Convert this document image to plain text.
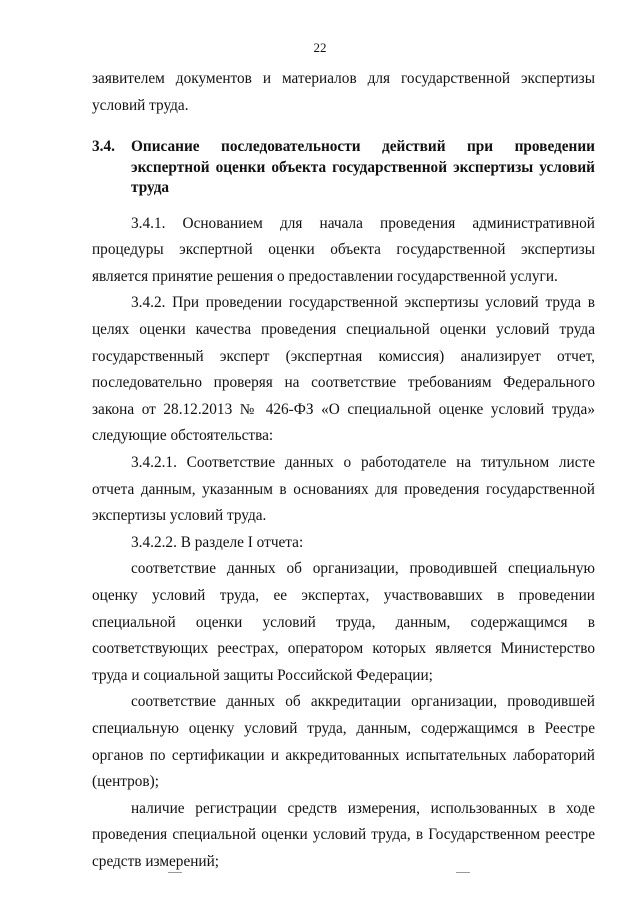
22

заявителем документов и материалов для государственной экспертизы условий труда.

3.4.	Описание последовательности действий при проведении экспертной оценки объекта государственной экспертизы условий труда

3.4.1. Основанием для начала проведения административной процедуры экспертной оценки объекта государственной экспертизы является принятие решения о предоставлении государственной услуги.

3.4.2. При проведении государственной экспертизы условий труда в целях оценки качества проведения специальной оценки условий труда государственный эксперт (экспертная комиссия) анализирует отчет, последовательно проверяя на соответствие требованиям Федерального закона от 28.12.2013 № 426-ФЗ «О специальной оценке условий труда» следующие обстоятельства:

3.4.2.1. Соответствие данных о работодателе на титульном листе отчета данным, указанным в основаниях для проведения государственной экспертизы условий труда.

3.4.2.2. В разделе I отчета:

соответствие данных об организации, проводившей специальную оценку условий труда, ее экспертах, участвовавших в проведении специальной оценки условий труда, данным, содержащимся в соответствующих реестрах, оператором которых является Министерство труда и социальной защиты Российской Федерации;

соответствие данных об аккредитации организации, проводившей специальную оценку условий труда, данным, содержащимся в Реестре органов по сертификации и аккредитованных испытательных лабораторий (центров);

наличие регистрации средств измерения, использованных в ходе проведения специальной оценки условий труда, в Государственном реестре средств измерений;
